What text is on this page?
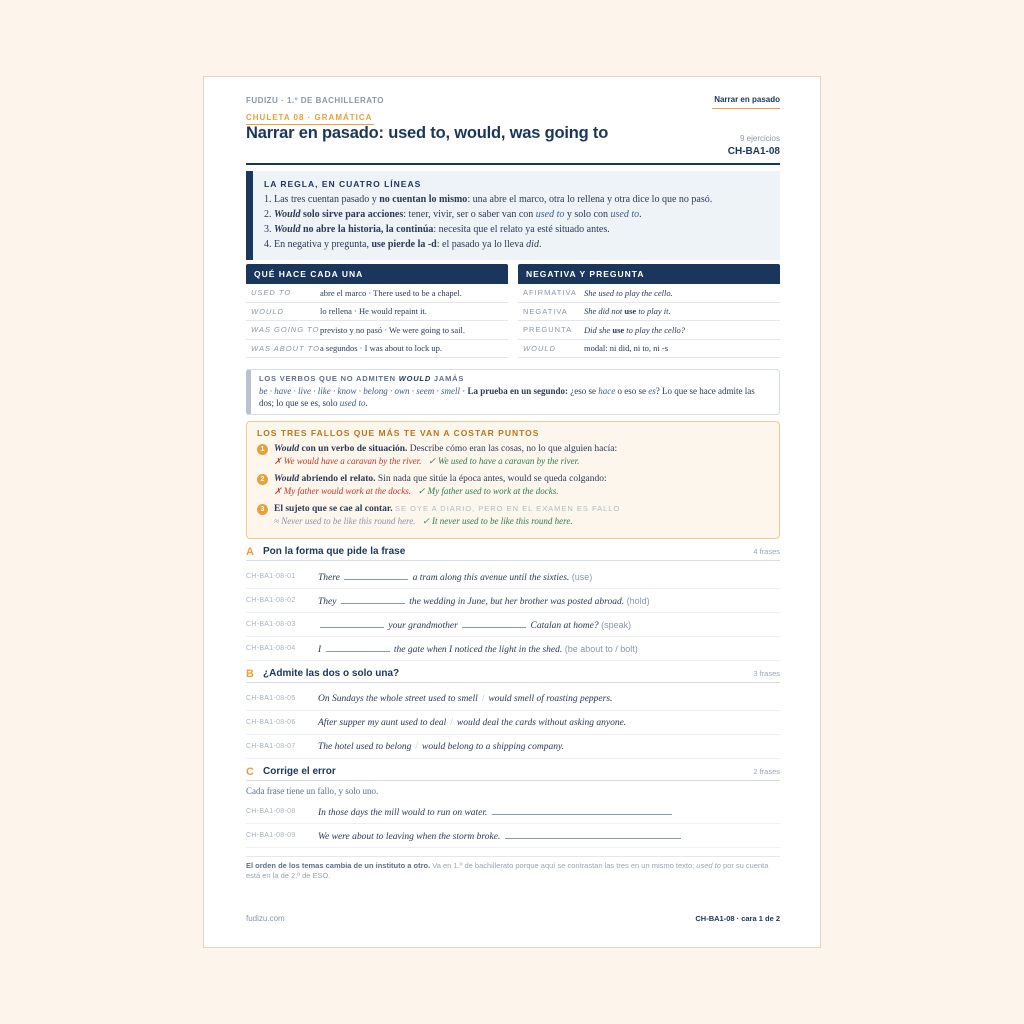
FUDIZU · 1.º DE BACHILLERATO	Narrar en pasado
CHULETA 08 · GRAMÁTICA
Narrar en pasado: used to, would, was going to	9 ejercicios
CH-BA1-08
LA REGLA, EN CUATRO LÍNEAS
1. Las tres cuentan pasado y no cuentan lo mismo: una abre el marco, otra lo rellena y otra dice lo que no pasó.
2. Would solo sirve para acciones: tener, vivir, ser o saber van con used to y solo con used to.
3. Would no abre la historia, la continúa: necesita que el relato ya esté situado antes.
4. En negativa y pregunta, use pierde la -d: el pasado ya lo lleva did.
QUÉ HACE CADA UNA
USED TO	abre el marco · There used to be a chapel.
WOULD	lo rellena · He would repaint it.
WAS GOING TO previsto y no pasó · We were going to sail.
WAS ABOUT TO a segundos · I was about to lock up.
NEGATIVA Y PREGUNTA
AFIRMATIVA She used to play the cello.
NEGATIVA	She did not use to play it.
PREGUNTA	Did she use to play the cello?
WOULD	modal: ni did, ni to, ni -s
LOS VERBOS QUE NO ADMITEN WOULD JAMÁS

be · have · live · like · know · belong · own · seem · smell · La prueba en un segundo: ¿eso se hace o eso se es? Lo que se hace admite las dos; lo que se es, solo used to.

LOS TRES FALLOS QUE MÁS TE VAN A COSTAR PUNTOS
1	Would con un verbo de situación. Describe cómo eran las cosas, no lo que alguien hacía:
✗ We would have a caravan by the river. ✓ We used to have a caravan by the river.
2	Would abriendo el relato. Sin nada que sitúe la época antes, would se queda colgando:
✗ My father would work at the docks. ✓ My father used to work at the docks.
3	El sujeto que se cae al contar. SE OYE A DIARIO, PERO EN EL EXAMEN ES FALLO
≈ Never used to be like this round here. ✓ It never used to be like this round here.
A Pon la forma que pide la frase	4 frases
CH-BA1-08-01	There	a tram along this avenue until the sixties. (use)
CH-BA1-08-02	They	the wedding in June, but her brother was posted abroad. (hold)
CH-BA1-08-03	your grandmother	Catalan at home? (speak)
CH-BA1-08-04	I	the gate when I noticed the light in the shed. (be about to / bolt)
B ¿Admite las dos o solo una?	3 frases
CH-BA1-08-05	On Sundays the whole street used to smell / would smell of roasting peppers.
CH-BA1-08-06	After supper my aunt used to deal / would deal the cards without asking anyone.
CH-BA1-08-07	The hotel used to belong / would belong to a shipping company.
C Corrige el error	2 frases
Cada frase tiene un fallo, y solo uno.
CH-BA1-08-08	In those days the mill would to run on water.
CH-BA1-08-09	We were about to leaving when the storm broke.
El orden de los temas cambia de un instituto a otro. Va en 1.º de bachillerato porque aquí se contrastan las tres en un mismo texto; used to por su cuenta está en la de 2.º de ESO.
fudizu.com	CH-BA1-08 · cara 1 de 2
